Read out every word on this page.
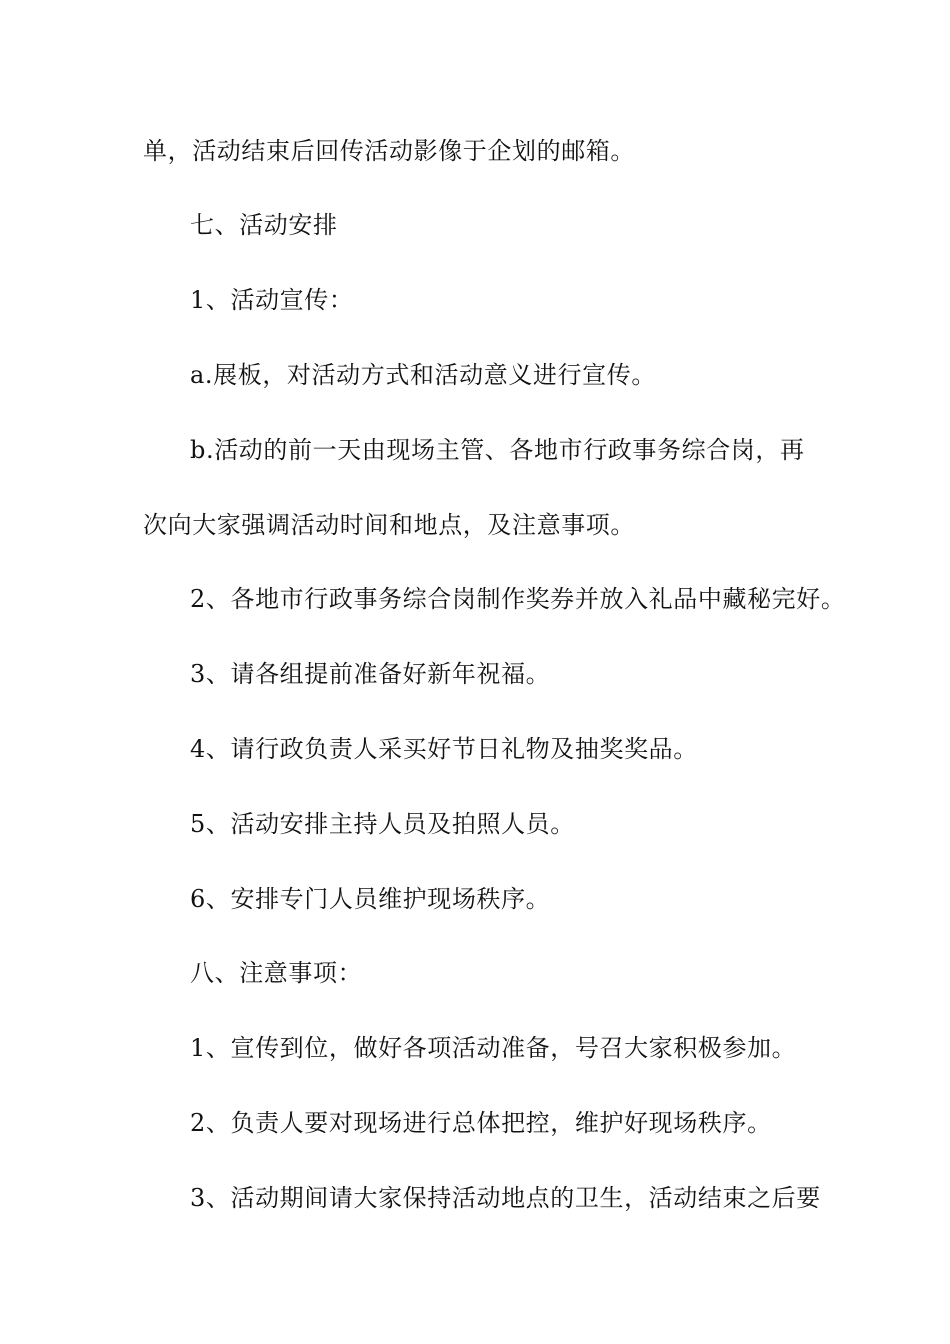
单，活动结束后回传活动影像于企划的邮箱。
七、活动安排
1、活动宣传：
a.展板，对活动方式和活动意义进行宣传。
b.活动的前一天由现场主管、各地市行政事务综合岗，再
次向大家强调活动时间和地点，及注意事项。
2、各地市行政事务综合岗制作奖券并放入礼品中藏秘完好。
3、请各组提前准备好新年祝福。
4、请行政负责人采买好节日礼物及抽奖奖品。
5、活动安排主持人员及拍照人员。
6、安排专门人员维护现场秩序。
八、注意事项：
1、宣传到位，做好各项活动准备，号召大家积极参加。
2、负责人要对现场进行总体把控，维护好现场秩序。
3、活动期间请大家保持活动地点的卫生，活动结束之后要
